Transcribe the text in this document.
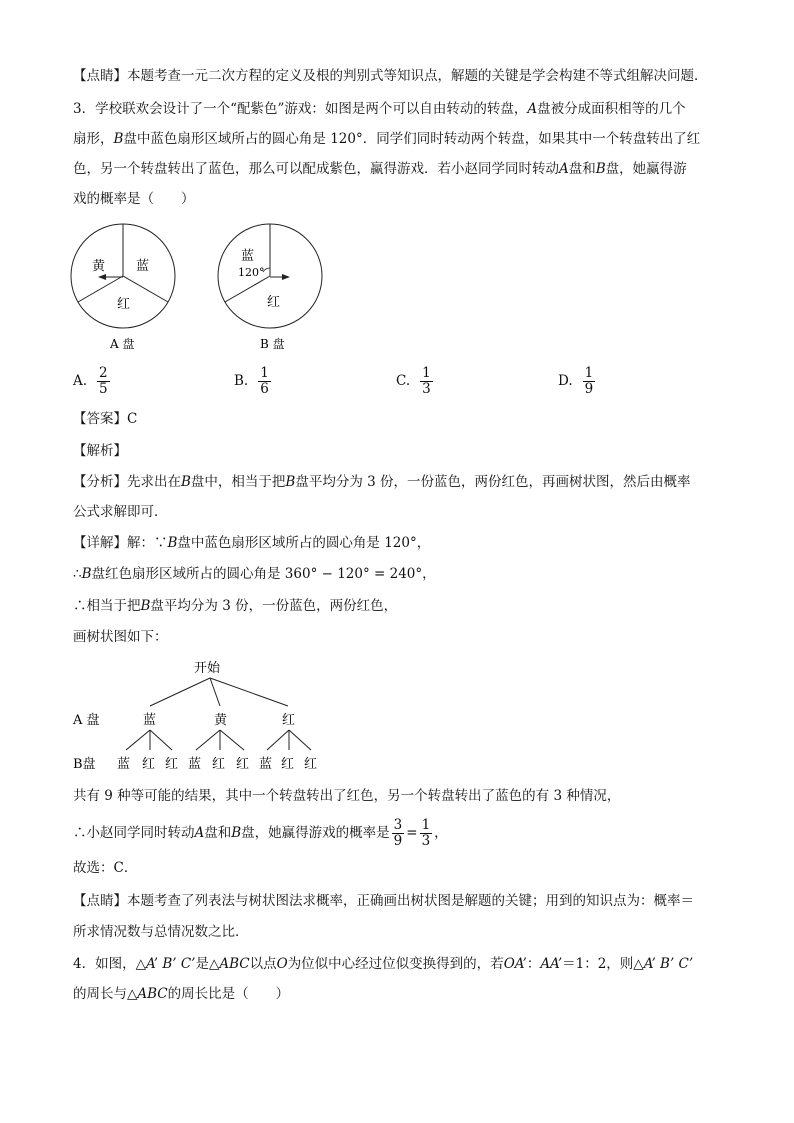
【点睛】本题考查一元二次方程的定义及根的判别式等知识点，解题的关键是学会构建不等式组解决问题．
3．学校联欢会设计了一个“配紫色”游戏：如图是两个可以自由转动的转盘，A盘被分成面积相等的几个
扇形，B盘中蓝色扇形区域所占的圆心角是 120°．同学们同时转动两个转盘，如果其中一个转盘转出了红
色，另一个转盘转出了蓝色，那么可以配成紫色，赢得游戏．若小赵同学同时转动A盘和B盘，她赢得游
戏的概率是（　　）
黄 蓝
红
A 盘
蓝
120°
红
B 盘
A. $\frac{2}{5}$	B. $\frac{1}{6}$	C. $\frac{1}{3}$	D. $\frac{1}{9}$
【答案】C
【解析】
【分析】先求出在B盘中，相当于把B盘平均分为 3 份，一份蓝色，两份红色，再画树状图，然后由概率
公式求解即可．
【详解】解：∵B盘中蓝色扇形区域所占的圆心角是 120°，
∴B盘红色扇形区域所占的圆心角是 360° − 120° = 240°，
∴相当于把B盘平均分为 3 份，一份蓝色，两份红色，
画树状图如下：
开始
A 盘	蓝	黄	红
B盘 蓝 红 红 蓝 红 红 蓝 红 红
共有 9 种等可能的结果，其中一个转盘转出了红色，另一个转盘转出了蓝色的有 3 种情况，
∴小赵同学同时转动A盘和B盘，她赢得游戏的概率是 $\frac{3}{9} = \frac{1}{3}$ ，
故选：C．
【点睛】本题考查了列表法与树状图法求概率，正确画出树状图是解题的关键；用到的知识点为：概率＝
所求情况数与总情况数之比．
4．如图，△A’ B’ C’是△ABC以点O为位似中心经过位似变换得到的，若OA’：AA’＝1：2，则△A’ B’ C’
的周长与△ABC的周长比是（　　）
